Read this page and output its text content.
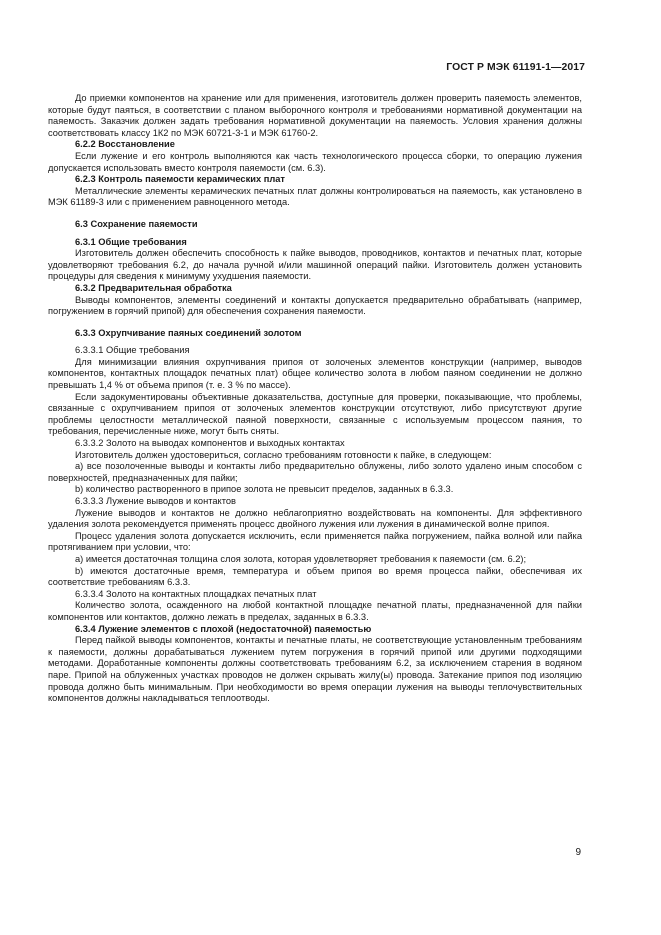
ГОСТ Р МЭК 61191-1—2017

До приемки компонентов на хранение или для применения, изготовитель должен проверить паяемость элементов, которые будут паяться, в соответствии с планом выборочного контроля и требованиями нормативной документации на паяемость. Заказчик должен задать требования нормативной документации на паяемость. Условия хранения должны соответствовать классу 1К2 по МЭК 60721-3-1 и МЭК 61760-2.

6.2.2 Восстановление

Если лужение и его контроль выполняются как часть технологического процесса сборки, то операцию лужения допускается использовать вместо контроля паяемости (см. 6.3).

6.2.3 Контроль паяемости керамических плат

Металлические элементы керамических печатных плат должны контролироваться на паяемость, как установлено в МЭК 61189-3 или с применением равноценного метода.

6.3 Сохранение паяемости

6.3.1 Общие требования

Изготовитель должен обеспечить способность к пайке выводов, проводников, контактов и печатных плат, которые удовлетворяют требования 6.2, до начала ручной и/или машинной операций пайки. Изготовитель должен установить процедуры для сведения к минимуму ухудшения паяемости.

6.3.2 Предварительная обработка

Выводы компонентов, элементы соединений и контакты допускается предварительно обрабатывать (например, погружением в горячий припой) для обеспечения сохранения паяемости.

6.3.3 Охрупчивание паяных соединений золотом

6.3.3.1 Общие требования

Для минимизации влияния охрупчивания припоя от золоченых элементов конструкции (например, выводов компонентов, контактных площадок печатных плат) общее количество золота в любом паяном соединении не должно превышать 1,4 % от объема припоя (т. е. 3 % по массе).

Если задокументированы объективные доказательства, доступные для проверки, показывающие, что проблемы, связанные с охрупчиванием припоя от золоченых элементов конструкции отсутствуют, либо присутствуют другие проблемы целостности металлической паяной поверхности, связанные с используемым процессом паяния, то требования, перечисленные ниже, могут быть сняты.

6.3.3.2 Золото на выводах компонентов и выходных контактах

Изготовитель должен удостовериться, согласно требованиям готовности к пайке, в следующем:

а) все позолоченные выводы и контакты либо предварительно облужены, либо золото удалено иным способом с поверхностей, предназначенных для пайки;

b) количество растворенного в припое золота не превысит пределов, заданных в 6.3.3.

6.3.3.3 Лужение выводов и контактов

Лужение выводов и контактов не должно неблагоприятно воздействовать на компоненты. Для эффективного удаления золота рекомендуется применять процесс двойного лужения или лужения в динамической волне припоя.

Процесс удаления золота допускается исключить, если применяется пайка погружением, пайка волной или пайка протягиванием при условии, что:

а) имеется достаточная толщина слоя золота, которая удовлетворяет требования к паяемости (см. 6.2);

b) имеются достаточные время, температура и объем припоя во время процесса пайки, обеспечивая их соответствие требованиям 6.3.3.

6.3.3.4 Золото на контактных площадках печатных плат

Количество золота, осажденного на любой контактной площадке печатной платы, предназначенной для пайки компонентов или контактов, должно лежать в пределах, заданных в 6.3.3.

6.3.4 Лужение элементов с плохой (недостаточной) паяемостью

Перед пайкой выводы компонентов, контакты и печатные платы, не соответствующие установленным требованиям к паяемости, должны дорабатываться лужением путем погружения в горячий припой или другими подходящими методами. Доработанные компоненты должны соответствовать требованиям 6.2, за исключением старения в водяном паре. Припой на облуженных участках проводов не должен скрывать жилу(ы) провода. Затекание припоя под изоляцию провода должно быть минимальным. При необходимости во время операции лужения на выводы теплочувствительных компонентов должны накладываться теплоотводы.

9
